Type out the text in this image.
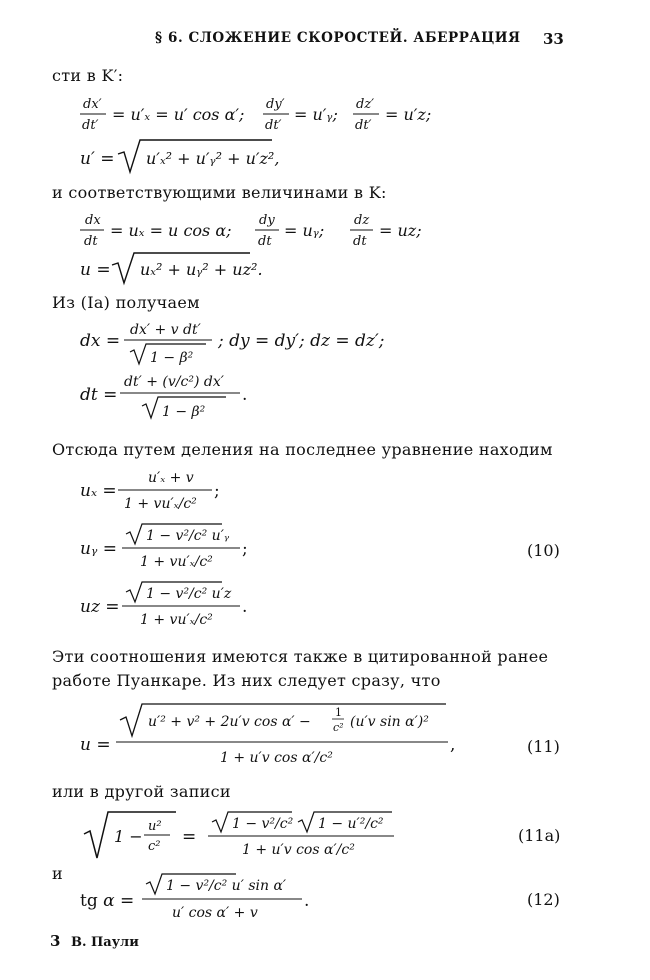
§ 6. СЛОЖЕНИЕ СКОРОСТЕЙ. АБЕРРАЦИЯ 33
сти в K′:
dx′
dt′
= u′ₓ = u′ cos α′;
dy′
dt′
= u′ᵧ;
dz′
dt′
= u′z;
u′ = u′ₓ² + u′ᵧ² + u′z²,
и соответствующими величинами в K:
dx
dt
= uₓ = u cos α;
dy
dt
= uᵧ;
dz
dt
= uz;
u = uₓ² + uᵧ² + uz².
Из (Ia) получаем
dx =
dx′ + v dt′
1 − β²
; dy = dy′; dz = dz′;
dt =
dt′ + (v/c²) dx′
1 − β²
.
Отсюда путем деления на последнее уравнение находим
uₓ =
u′ₓ + v
1 + vu′ₓ/c²
;
uᵧ =
1 − v²/c² u′ᵧ
1 + vu′ₓ/c²
;	(10)
uz =
1 − v²/c² u′z
1 + vu′ₓ/c²
.
Эти соотношения имеются также в цитированной ранее
работе Пуанкаре. Из них следует сразу, что
u =
u′² + v² + 2u′v cos α′ −
1
c² (u′v sin α′)²
1 + u′v cos α′/c²
,	(11)
или в другой записи
1 −
u²
c² =
1 − v²/c² 1 − u′²/c²
1 + u′v cos α′/c²
(11a)
и
tg α =
1 − v²/c² u′ sin α′
u′ cos α′ + v
.	(12)
3 В. Паули
